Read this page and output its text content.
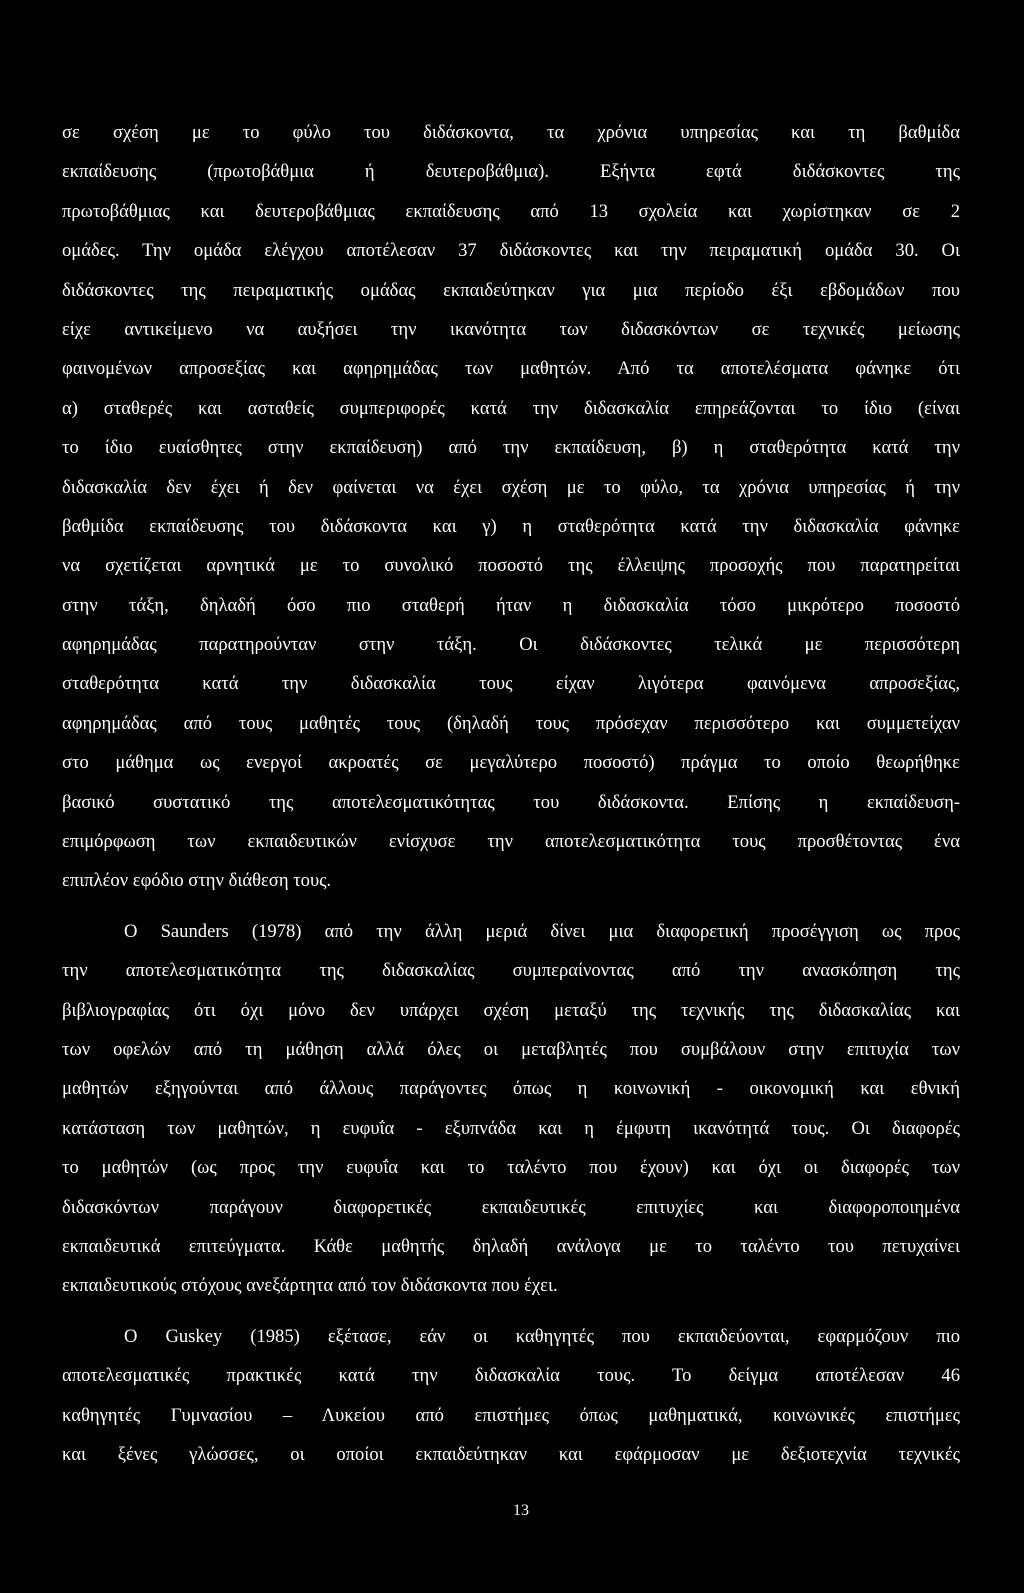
σε σχέση με το φύλο του διδάσκοντα, τα χρόνια υπηρεσίας και τη βαθμίδα
εκπαίδευσης (πρωτοβάθμια ή δευτεροβάθμια). Εξήντα εφτά διδάσκοντες της
πρωτοβάθμιας και δευτεροβάθμιας εκπαίδευσης από 13 σχολεία και χωρίστηκαν σε 2
ομάδες. Την ομάδα ελέγχου αποτέλεσαν 37 διδάσκοντες και την πειραματική ομάδα 30. Οι
διδάσκοντες της πειραματικής ομάδας εκπαιδεύτηκαν για μια περίοδο έξι εβδομάδων που
είχε αντικείμενο να αυξήσει την ικανότητα των διδασκόντων σε τεχνικές μείωσης
φαινομένων απροσεξίας και αφηρημάδας των μαθητών. Από τα αποτελέσματα φάνηκε ότι
α) σταθερές και ασταθείς συμπεριφορές κατά την διδασκαλία επηρεάζονται το ίδιο (είναι
το ίδιο ευαίσθητες στην εκπαίδευση) από την εκπαίδευση, β) η σταθερότητα κατά την
διδασκαλία δεν έχει ή δεν φαίνεται να έχει σχέση με το φύλο, τα χρόνια υπηρεσίας ή την
βαθμίδα εκπαίδευσης του διδάσκοντα και γ) η σταθερότητα κατά την διδασκαλία φάνηκε
να σχετίζεται αρνητικά με το συνολικό ποσοστό της έλλειψης προσοχής που παρατηρείται
στην τάξη, δηλαδή όσο πιο σταθερή ήταν η διδασκαλία τόσο μικρότερο ποσοστό
αφηρημάδας παρατηρούνταν στην τάξη. Οι διδάσκοντες τελικά με περισσότερη
σταθερότητα κατά την διδασκαλία τους είχαν λιγότερα φαινόμενα απροσεξίας,
αφηρημάδας από τους μαθητές τους (δηλαδή τους πρόσεχαν περισσότερο και συμμετείχαν
στο μάθημα ως ενεργοί ακροατές σε μεγαλύτερο ποσοστό) πράγμα το οποίο θεωρήθηκε
βασικό συστατικό της αποτελεσματικότητας του διδάσκοντα. Επίσης η εκπαίδευση-
επιμόρφωση των εκπαιδευτικών ενίσχυσε την αποτελεσματικότητα τους προσθέτοντας ένα
επιπλέον εφόδιο στην διάθεση τους.
Ο Saunders (1978) από την άλλη μεριά δίνει μια διαφορετική προσέγγιση ως προς
την αποτελεσματικότητα της διδασκαλίας συμπεραίνοντας από την ανασκόπηση της
βιβλιογραφίας ότι όχι μόνο δεν υπάρχει σχέση μεταξύ της τεχνικής της διδασκαλίας και
των οφελών από τη μάθηση αλλά όλες οι μεταβλητές που συμβάλουν στην επιτυχία των
μαθητών εξηγούνται από άλλους παράγοντες όπως η κοινωνική - οικονομική και εθνική
κατάσταση των μαθητών, η ευφυΐα - εξυπνάδα και η έμφυτη ικανότητά τους. Οι διαφορές
το μαθητών (ως προς την ευφυΐα και το ταλέντο που έχουν) και όχι οι διαφορές των
διδασκόντων παράγουν διαφορετικές εκπαιδευτικές επιτυχίες και διαφοροποιημένα
εκπαιδευτικά επιτεύγματα. Κάθε μαθητής δηλαδή ανάλογα με το ταλέντο του πετυχαίνει
εκπαιδευτικούς στόχους ανεξάρτητα από τον διδάσκοντα που έχει.
Ο Guskey (1985) εξέτασε, εάν οι καθηγητές που εκπαιδεύονται, εφαρμόζουν πιο
αποτελεσματικές πρακτικές κατά την διδασκαλία τους. Το δείγμα αποτέλεσαν 46
καθηγητές Γυμνασίου – Λυκείου από επιστήμες όπως μαθηματικά, κοινωνικές επιστήμες
και ξένες γλώσσες, οι οποίοι εκπαιδεύτηκαν και εφάρμοσαν με δεξιοτεχνία τεχνικές
13
